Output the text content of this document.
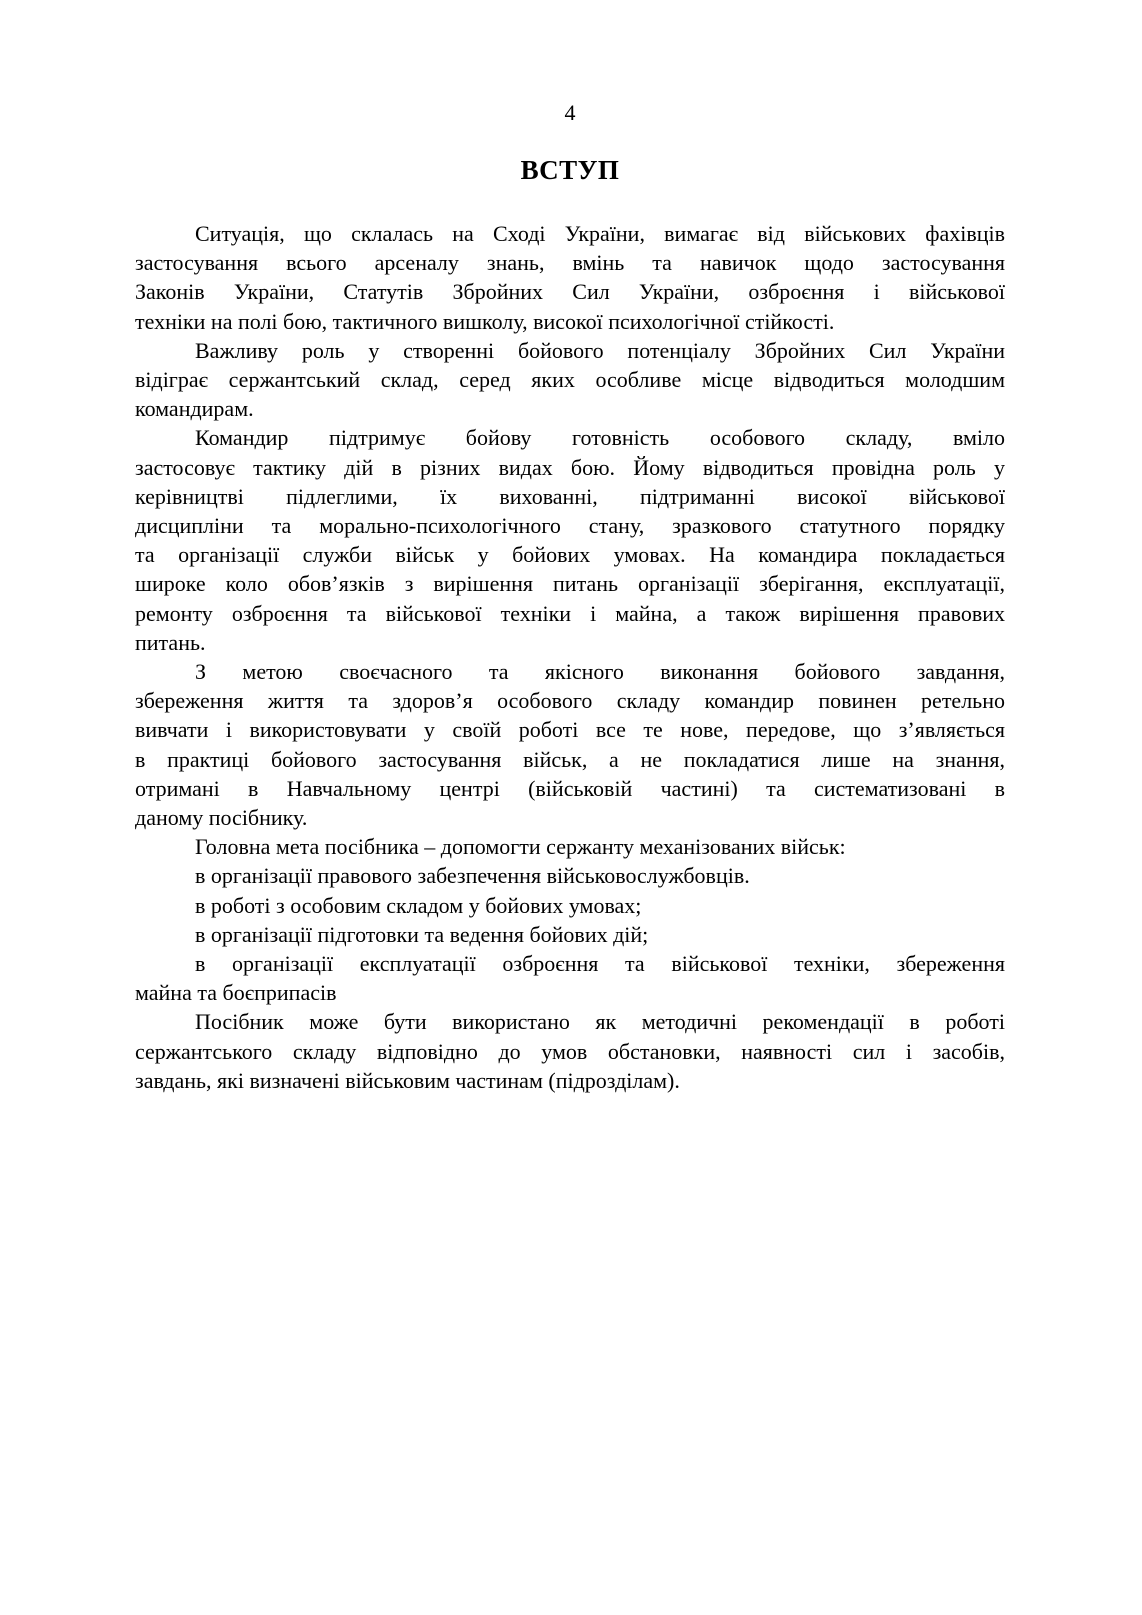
4
ВСТУП
Ситуація, що склалась на Сході України, вимагає від військових фахівців
застосування всього арсеналу знань, вмінь та навичок щодо застосування
Законів України, Статутів Збройних Сил України, озброєння і військової
техніки на полі бою, тактичного вишколу, високої психологічної стійкості.
Важливу роль у створенні бойового потенціалу Збройних Сил України
відіграє сержантський склад, серед яких особливе місце відводиться молодшим
командирам.
Командир підтримує бойову готовність особового складу, вміло
застосовує тактику дій в різних видах бою. Йому відводиться провідна роль у
керівництві підлеглими, їх вихованні, підтриманні високої військової
дисципліни та морально-психологічного стану, зразкового статутного порядку
та організації служби військ у бойових умовах. На командира покладається
широке коло обов’язків з вирішення питань організації зберігання, експлуатації,
ремонту озброєння та військової техніки і майна, а також вирішення правових
питань.
З метою своєчасного та якісного виконання бойового завдання,
збереження життя та здоров’я особового складу командир повинен ретельно
вивчати і використовувати у своїй роботі все те нове, передове, що з’являється
в практиці бойового застосування військ, а не покладатися лише на знання,
отримані в Навчальному центрі (військовій частині) та систематизовані в
даному посібнику.
Головна мета посібника – допомогти сержанту механізованих військ:
в організації правового забезпечення військовослужбовців.
в роботі з особовим складом у бойових умовах;
в організації підготовки та ведення бойових дій;
в організації експлуатації озброєння та військової техніки, збереження
майна та боєприпасів
Посібник може бути використано як методичні рекомендації в роботі
сержантського складу відповідно до умов обстановки, наявності сил і засобів,
завдань, які визначені військовим частинам (підрозділам).
